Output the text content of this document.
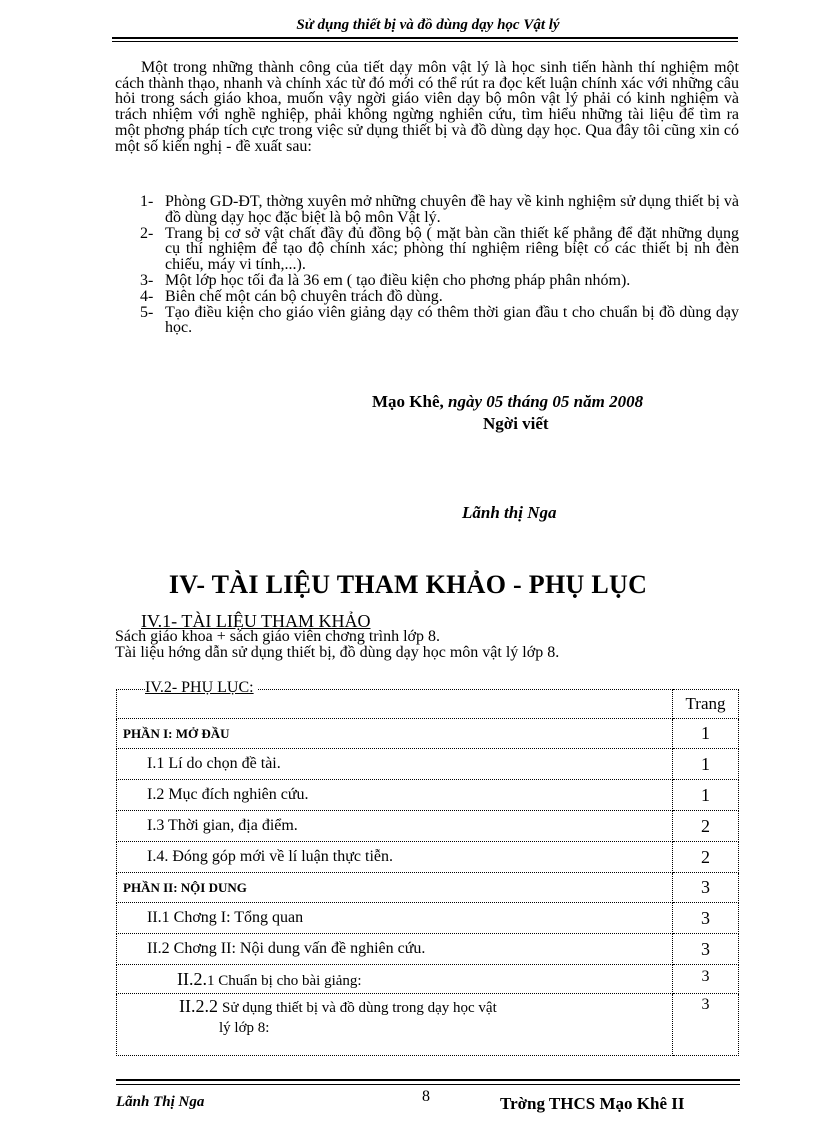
Sử dụng thiết bị và đồ dùng dạy học Vật lý

Một trong những thành công của tiết dạy môn vật lý là học sinh tiến hành thí nghiệm một cách thành thạo, nhanh và chính xác từ đó mới có thể rút ra đọc kết luận chính xác với những câu hỏi trong sách giáo khoa, muốn vậy ngời giáo viên dạy bộ môn vật lý phải có kinh nghiệm và trách nhiệm với nghề nghiệp, phải không ngừng nghiên cứu, tìm hiểu những tài liệu để tìm ra một phơng pháp tích cực trong việc sử dụng thiết bị và đồ dùng dạy học. Qua đây tôi cũng xin có một số kiến nghị - đề xuất sau:

1- Phòng GD-ĐT, thờng xuyên mở những chuyên đề hay về kinh nghiệm sử dụng thiết bị và đồ dùng dạy học đặc biệt là bộ môn Vật lý.
2- Trang bị cơ sở vật chất đầy đủ đồng bộ ( mặt bàn cần thiết kế phẳng để đặt những dụng cụ thí nghiệm để tạo độ chính xác; phòng thí nghiệm riêng biệt có các thiết bị nh đèn chiếu, máy vi tính,...).
3- Một lớp học tối đa là 36 em ( tạo điều kiện cho phơng pháp phân nhóm).
4- Biên chế một cán bộ chuyên trách đồ dùng.
5- Tạo điều kiện cho giáo viên giảng dạy có thêm thời gian đầu t cho chuẩn bị đồ dùng dạy học.
Mạo Khê, ngày 05 tháng 05 năm 2008
Ngời viết
Lãnh thị Nga
IV- TÀI LIỆU THAM KHẢO - PHỤ LỤC
IV.1- TÀI LIỆU THAM KHẢO
Sách giáo khoa + sách giáo viên chơng trình lớp 8.
Tài liệu hớng dẫn sử dụng thiết bị, đồ dùng dạy học môn vật lý lớp 8.
IV.2- PHỤ LỤC:
	Trang
PHẦN I: MỞ ĐẦU	1
I.1 Lí do chọn đề tài.	1
I.2 Mục đích nghiên cứu.	1
I.3 Thời gian, địa điểm.	2
I.4. Đóng góp mới về lí luận thực tiễn.	2
PHẦN II: NỘI DUNG	3
II.1 Chơng I: Tổng quan	3
II.2 Chơng II: Nội dung vấn đề nghiên cứu.	3
II.2.1 Chuẩn bị cho bài giảng:	3
II.2.2 Sử dụng thiết bị và đồ dùng trong dạy học vật
lý lớp 8:	3
Lãnh Thị Nga	8	Trờng THCS Mạo Khê II
